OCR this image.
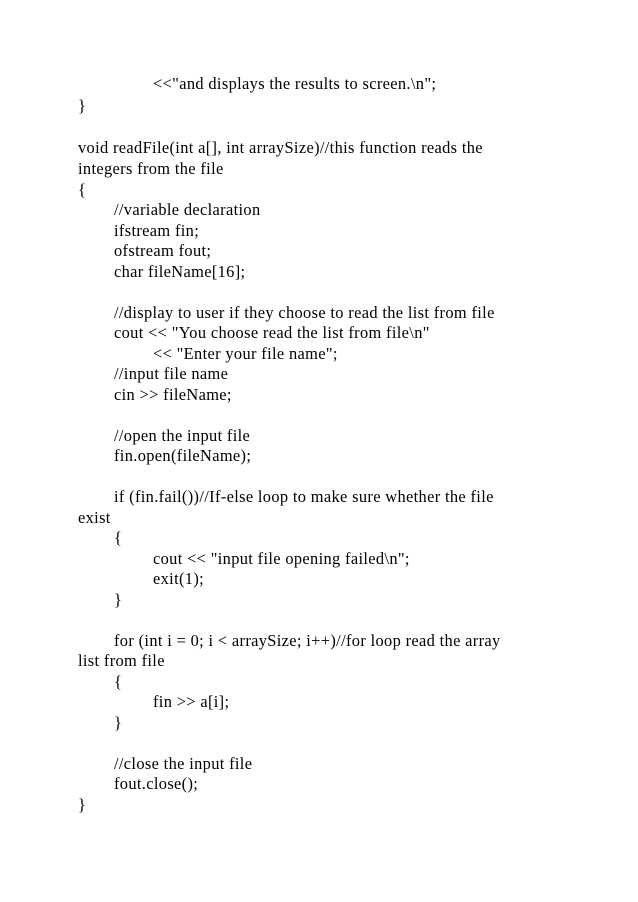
<<"and displays the results to screen.\n";
}
void readFile(int a[], int arraySize)//this function reads the
integers from the file
{
//variable declaration
ifstream fin;
ofstream fout;
char fileName[16];
//display to user if they choose to read the list from file
cout << "You choose read the list from file\n"
<< "Enter your file name";
//input file name
cin >> fileName;
//open the input file
fin.open(fileName);
if (fin.fail())//If-else loop to make sure whether the file
exist
{
cout << "input file opening failed\n";
exit(1);
}
for (int i = 0; i < arraySize; i++)//for loop read the array
list from file
{
fin >> a[i];
}
//close the input file
fout.close();
}
